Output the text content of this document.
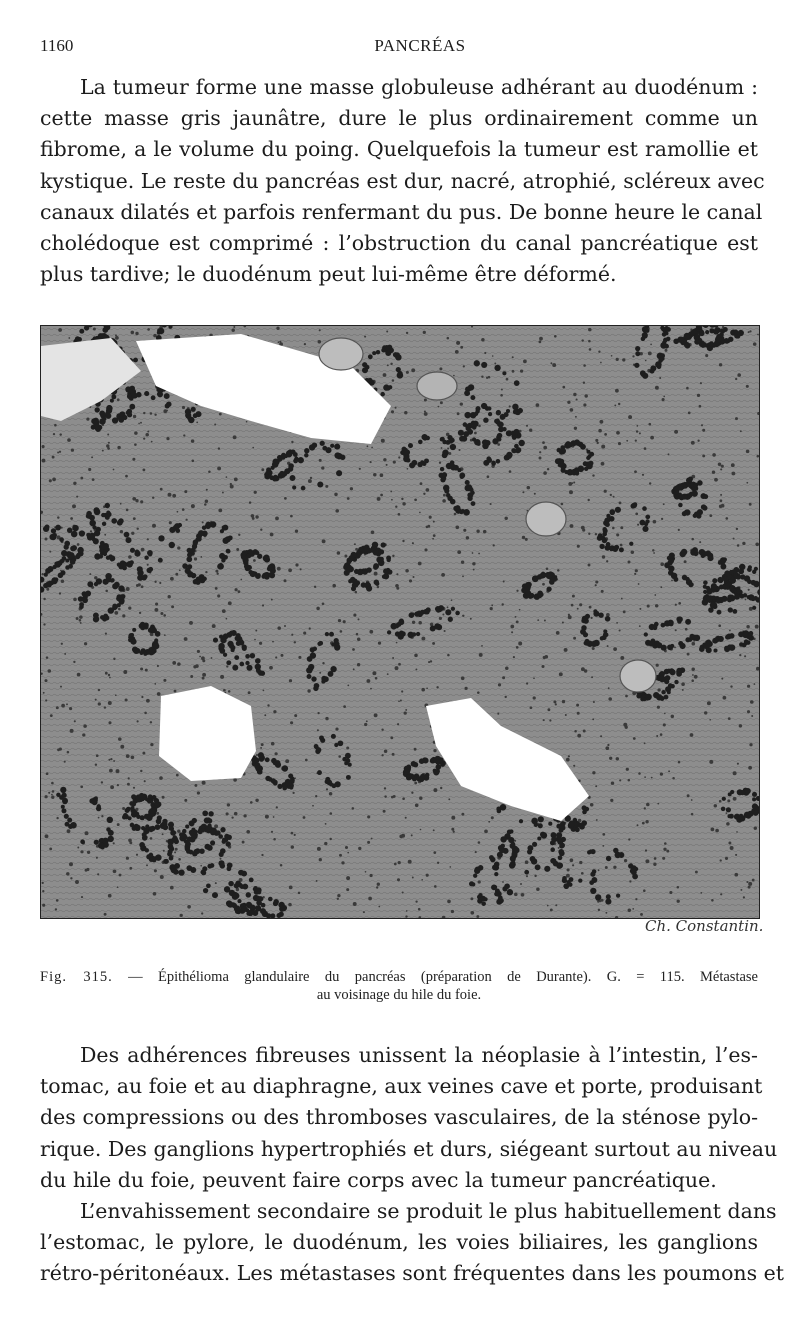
1160	PANCRÉAS
La tumeur forme une masse globuleuse adhérant au duodénum :
cette masse gris jaunâtre, dure le plus ordinairement comme un
fibrome, a le volume du poing. Quelquefois la tumeur est ramollie et
kystique. Le reste du pancréas est dur, nacré, atrophié, scléreux avec
canaux dilatés et parfois renfermant du pus. De bonne heure le canal
cholédoque est comprimé : l’obstruction du canal pancréatique est
plus tardive; le duodénum peut lui-même être déformé.
Ch. Constantin.
Fig. 315. — Épithélioma glandulaire du pancréas (préparation de Durante). G. = 115. Métastase
au voisinage du hile du foie.
Des adhérences fibreuses unissent la néoplasie à l’intestin, l’es-
tomac, au foie et au diaphragne, aux veines cave et porte, produisant
des compressions ou des thromboses vasculaires, de la sténose pylo-
rique. Des ganglions hypertrophiés et durs, siégeant surtout au niveau
du hile du foie, peuvent faire corps avec la tumeur pancréatique.
L’envahissement secondaire se produit le plus habituellement dans
l’estomac, le pylore, le duodénum, les voies biliaires, les ganglions
rétro-péritonéaux. Les métastases sont fréquentes dans les poumons et
